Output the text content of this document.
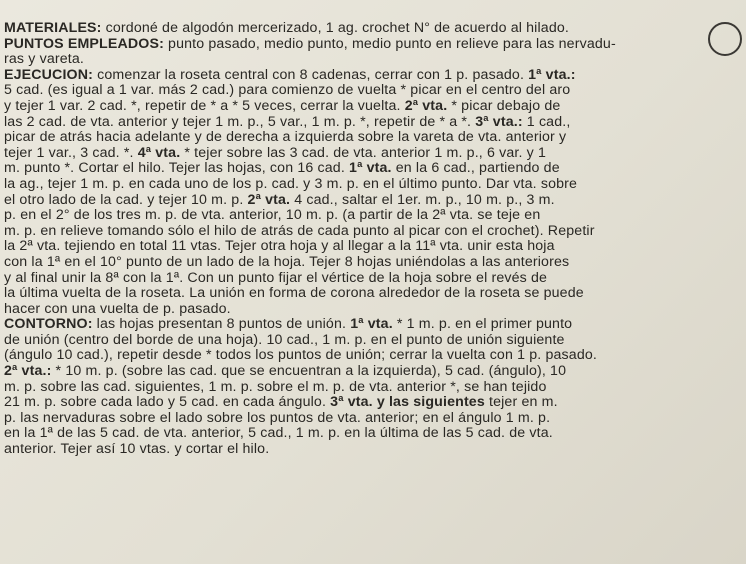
MATERIALES: cordoné de algodón mercerizado, 1 ag. crochet N° de acuerdo al hilado.
PUNTOS EMPLEADOS: punto pasado, medio punto, medio punto en relieve para las nervadu-
ras y vareta.
EJECUCION: comenzar la roseta central con 8 cadenas, cerrar con 1 p. pasado. 1ª vta.:
5 cad. (es igual a 1 var. más 2 cad.) para comienzo de vuelta * picar en el centro del aro
y tejer 1 var. 2 cad. *, repetir de * a * 5 veces, cerrar la vuelta. 2ª vta. * picar debajo de
las 2 cad. de vta. anterior y tejer 1 m. p., 5 var., 1 m. p. *, repetir de * a *. 3ª vta.: 1 cad.,
picar de atrás hacia adelante y de derecha a izquierda sobre la vareta de vta. anterior y
tejer 1 var., 3 cad. *. 4ª vta. * tejer sobre las 3 cad. de vta. anterior 1 m. p., 6 var. y 1
m. punto *. Cortar el hilo. Tejer las hojas, con 16 cad. 1ª vta. en la 6 cad., partiendo de
la ag., tejer 1 m. p. en cada uno de los p. cad. y 3 m. p. en el último punto. Dar vta. sobre
el otro lado de la cad. y tejer 10 m. p. 2ª vta. 4 cad., saltar el 1er. m. p., 10 m. p., 3 m.
p. en el 2° de los tres m. p. de vta. anterior, 10 m. p. (a partir de la 2ª vta. se teje en
m. p. en relieve tomando sólo el hilo de atrás de cada punto al picar con el crochet). Repetir
la 2ª vta. tejiendo en total 11 vtas. Tejer otra hoja y al llegar a la 11ª vta. unir esta hoja
con la 1ª en el 10° punto de un lado de la hoja. Tejer 8 hojas uniéndolas a las anteriores
y al final unir la 8ª con la 1ª. Con un punto fijar el vértice de la hoja sobre el revés de
la última vuelta de la roseta. La unión en forma de corona alrededor de la roseta se puede
hacer con una vuelta de p. pasado.
CONTORNO: las hojas presentan 8 puntos de unión. 1ª vta. * 1 m. p. en el primer punto
de unión (centro del borde de una hoja). 10 cad., 1 m. p. en el punto de unión siguiente
(ángulo 10 cad.), repetir desde * todos los puntos de unión; cerrar la vuelta con 1 p. pasado.
2ª vta.: * 10 m. p. (sobre las cad. que se encuentran a la izquierda), 5 cad. (ángulo), 10
m. p. sobre las cad. siguientes, 1 m. p. sobre el m. p. de vta. anterior *, se han tejido
21 m. p. sobre cada lado y 5 cad. en cada ángulo. 3ª vta. y las siguientes tejer en m.
p. las nervaduras sobre el lado sobre los puntos de vta. anterior; en el ángulo 1 m. p.
en la 1ª de las 5 cad. de vta. anterior, 5 cad., 1 m. p. en la última de las 5 cad. de vta.
anterior. Tejer así 10 vtas. y cortar el hilo.
